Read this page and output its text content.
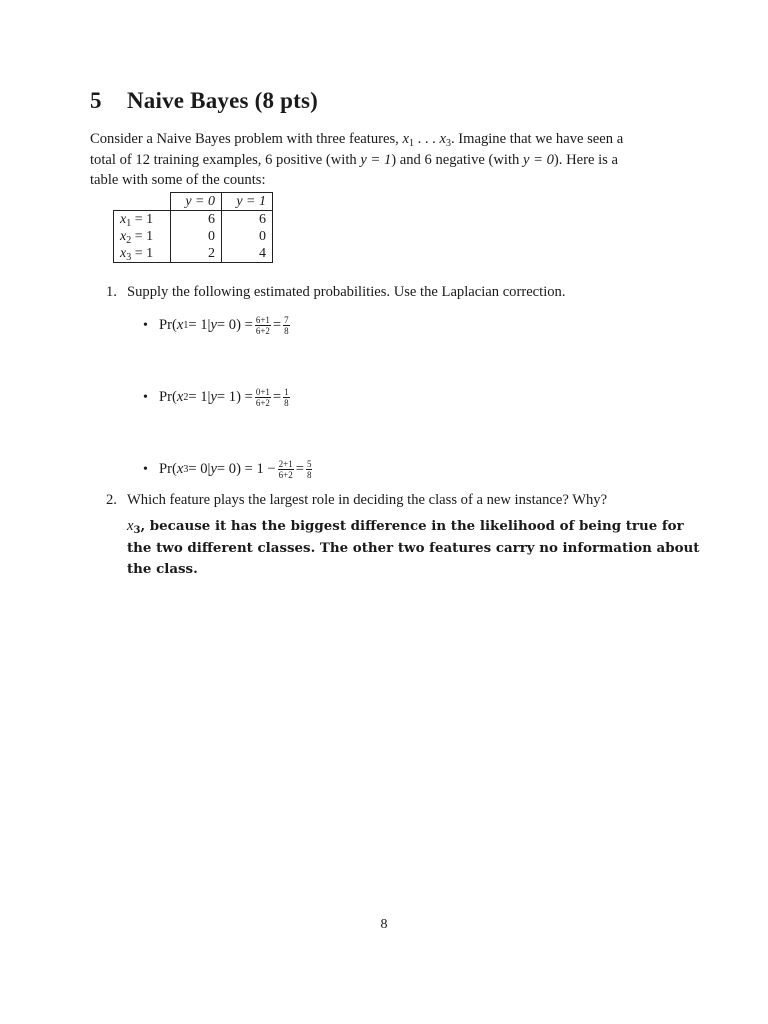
5 Naive Bayes (8 pts)

Consider a Naive Bayes problem with three features, $x_1$ . . . $x_3$. Imagine that we have seen a

total of 12 training examples, 6 positive (with y = 1) and 6 negative (with y = 0). Here is a

table with some of the counts:

	y = 0	y = 1
$x_1 = 1$	6	6
$x_2 = 1$	0	0
$x_3 = 1$	2	4
1. Supply the following estimated probabilities. Use the Laplacian correction.
• Pr( x 1 = 1| $y = 0) = \frac{6+1}{6+2} = \frac{7}{8}$
• Pr( x 2 = 1| $y = 1) = \frac{0+1}{6+2} = \frac{1}{8}$
• Pr( x 3 = 0| $y = 0) = 1 - \frac{2+1}{6+2} = \frac{5}{8}$
2. Which feature plays the largest role in deciding the class of a new instance? Why?

$x_3$, because it has the biggest difference in the likelihood of being true for

the two different classes. The other two features carry no information about

the class.

8
